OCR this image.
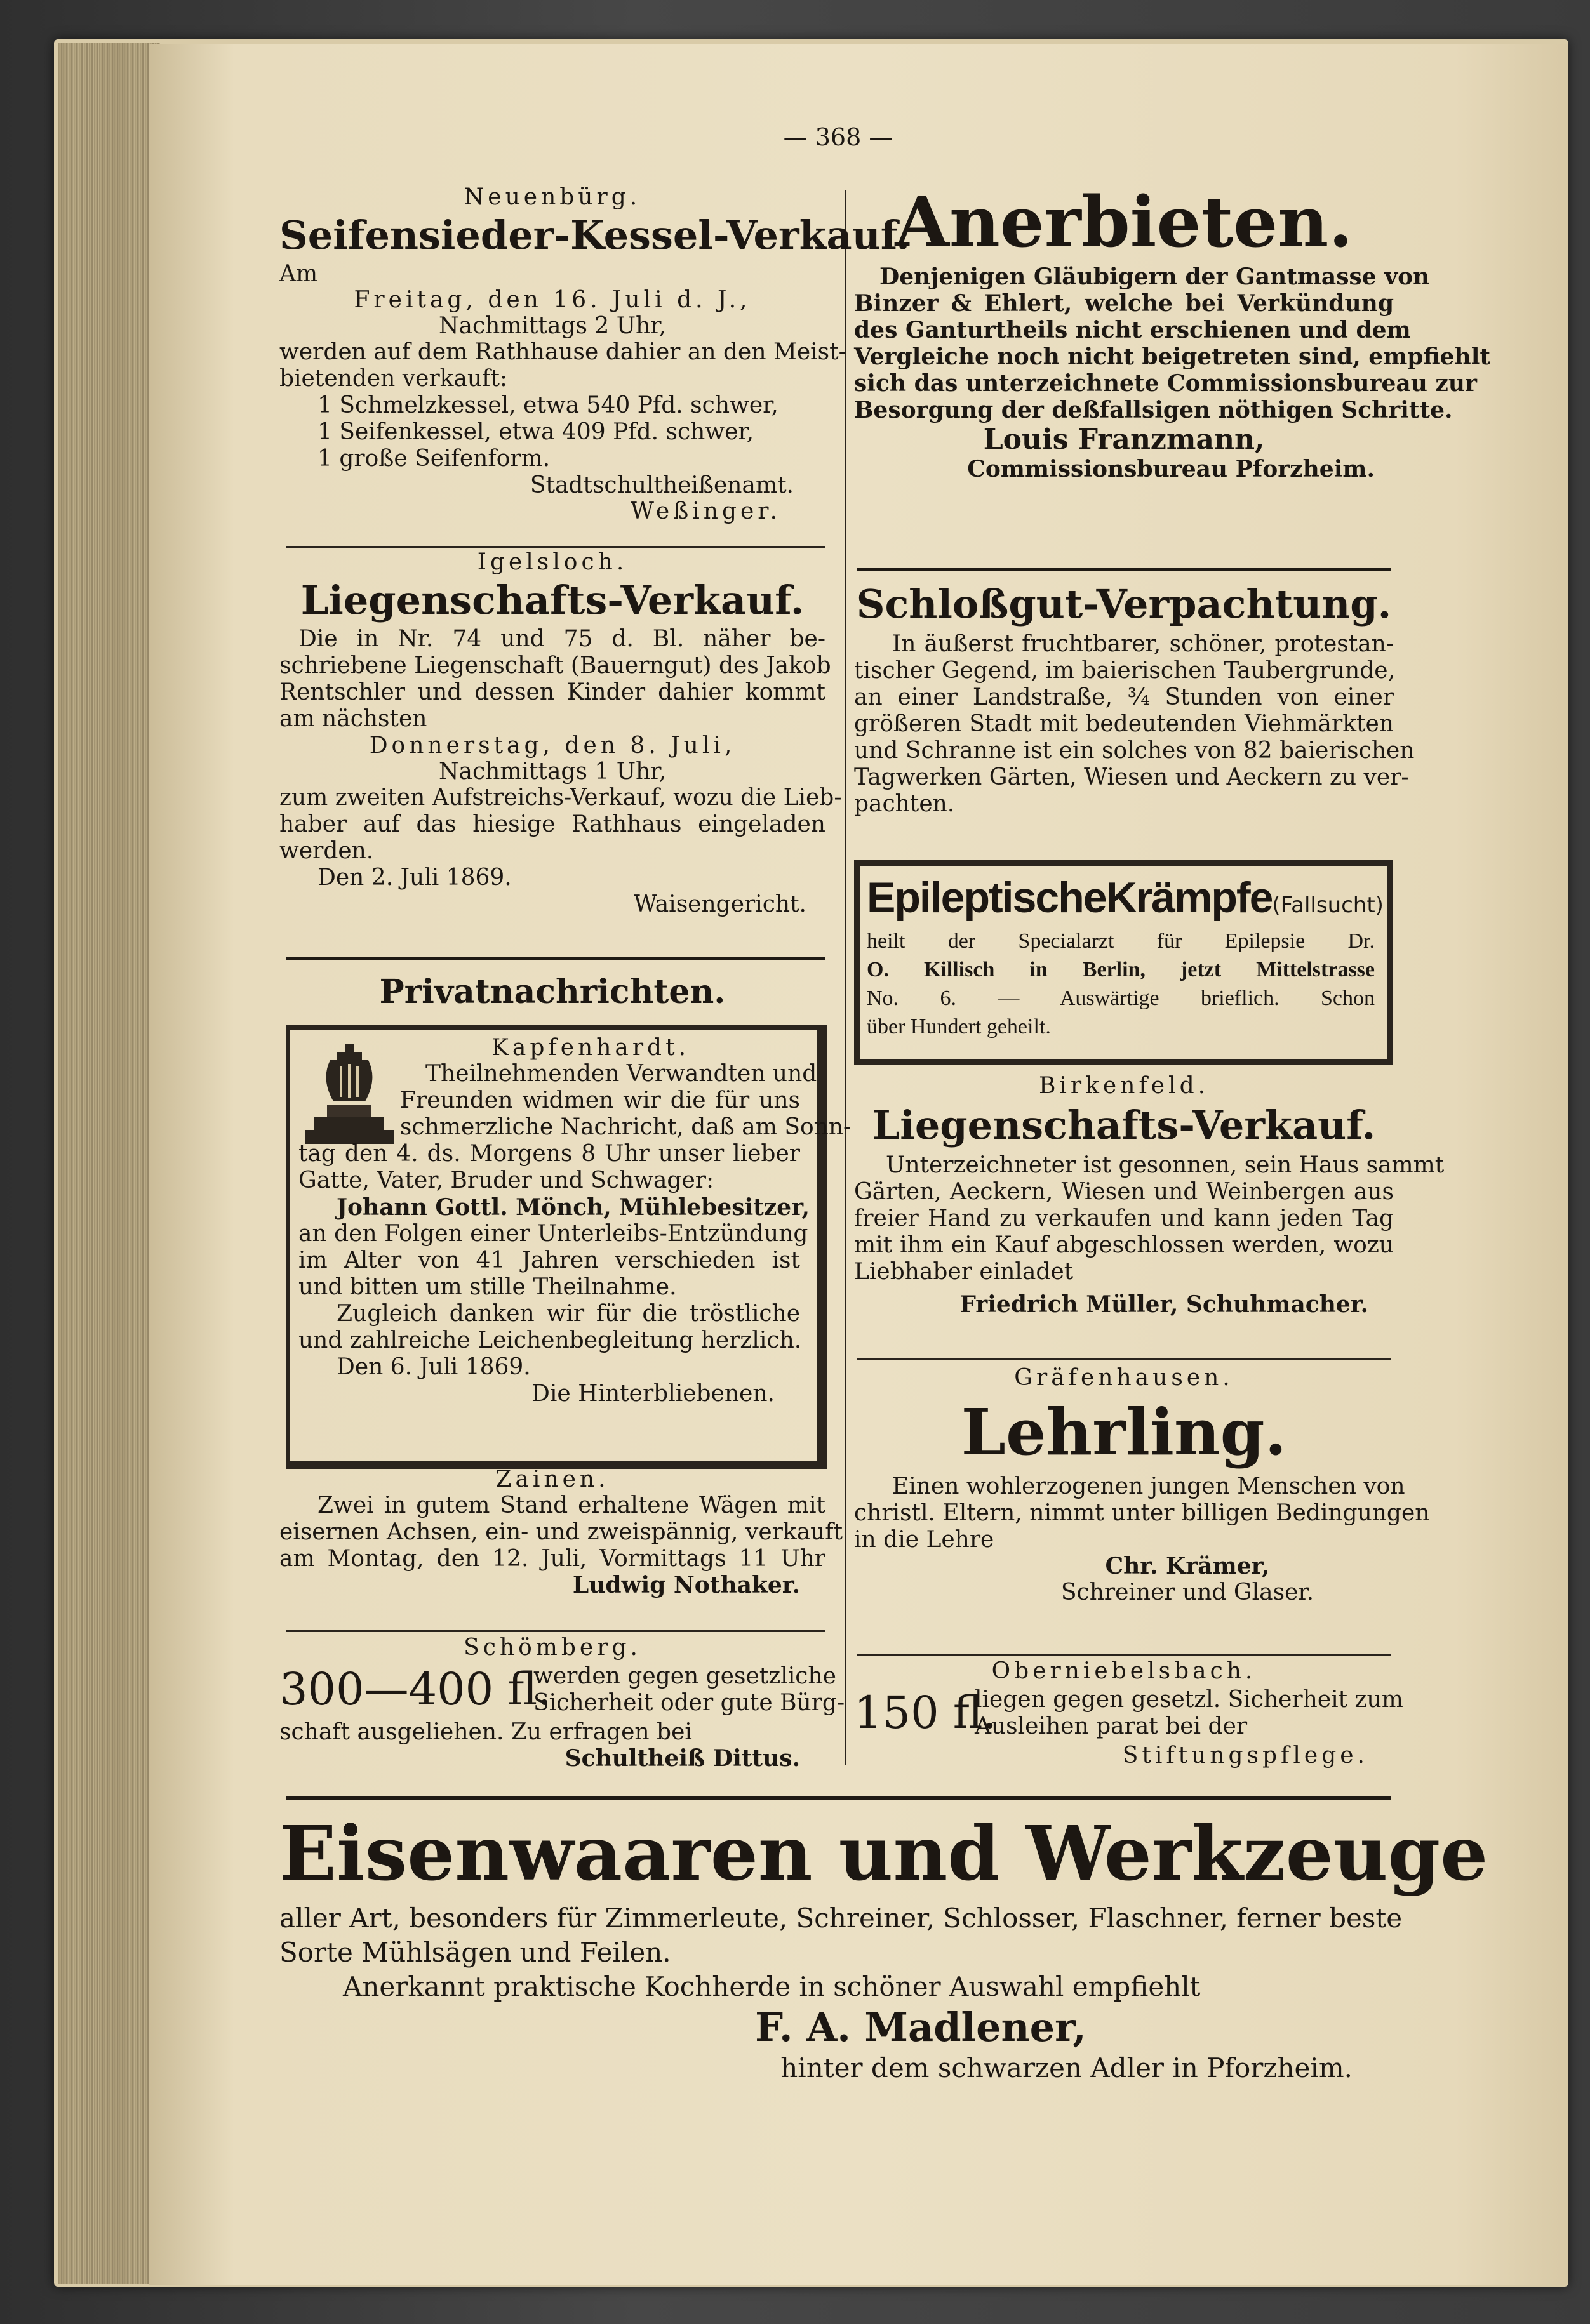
— 368 —

Neuenbürg.

Seifensieder-Kessel-Verkauf.

Am

Freitag, den 16. Juli d. J.,

Nachmittags 2 Uhr,

werden auf dem Rathhause dahier an den Meist-

bietenden verkauft:

1 Schmelzkessel, etwa 540 Pfd. schwer,

1 Seifenkessel, etwa 409 Pfd. schwer,

1 große Seifenform.

Stadtschultheißenamt.

Weßinger.

Igelsloch.

Liegenschafts-Verkauf.

Die in Nr. 74 und 75 d. Bl. näher be-

schriebene Liegenschaft (Bauerngut) des Jakob

Rentschler und dessen Kinder dahier kommt

am nächsten

Donnerstag, den 8. Juli,

Nachmittags 1 Uhr,

zum zweiten Aufstreichs-Verkauf, wozu die Lieb-

haber auf das hiesige Rathhaus eingeladen

werden.

Den 2. Juli 1869.

Waisengericht.

Privatnachrichten.

Kapfenhardt.

Theilnehmenden Verwandten und

Freunden widmen wir die für uns

schmerzliche Nachricht, daß am Sonn-

tag den 4. ds. Morgens 8 Uhr unser lieber

Gatte, Vater, Bruder und Schwager:

Johann Gottl. Mönch, Mühlebesitzer,

an den Folgen einer Unterleibs-Entzündung

im Alter von 41 Jahren verschieden ist

und bitten um stille Theilnahme.

Zugleich danken wir für die tröstliche

und zahlreiche Leichenbegleitung herzlich.

Den 6. Juli 1869.

Die Hinterbliebenen.

Zainen.

Zwei in gutem Stand erhaltene Wägen mit

eisernen Achsen, ein- und zweispännig, verkauft

am Montag, den 12. Juli, Vormittags 11 Uhr

Ludwig Nothaker.

Schömberg.

300—400 fl.

werden gegen gesetzliche

Sicherheit oder gute Bürg-

schaft ausgeliehen. Zu erfragen bei

Schultheiß Dittus.

Anerbieten.

Denjenigen Gläubigern der Gantmasse von

Binzer & Ehlert, welche bei Verkündung

des Ganturtheils nicht erschienen und dem

Vergleiche noch nicht beigetreten sind, empfiehlt

sich das unterzeichnete Commissionsbureau zur

Besorgung der deßfallsigen nöthigen Schritte.

Louis Franzmann,

Commissionsbureau Pforzheim.

Schloßgut-Verpachtung.

In äußerst fruchtbarer, schöner, protestan-

tischer Gegend, im baierischen Taubergrunde,

an einer Landstraße, ¾ Stunden von einer

größeren Stadt mit bedeutenden Viehmärkten

und Schranne ist ein solches von 82 baierischen

Tagwerken Gärten, Wiesen und Aeckern zu ver-

pachten.

EpileptischeKrämpfe(Fallsucht)

heilt der Specialarzt für Epilepsie Dr.

O. Killisch in Berlin, jetzt Mittelstrasse

No. 6. — Auswärtige brieflich. Schon

über Hundert geheilt.

Birkenfeld.

Liegenschafts-Verkauf.

Unterzeichneter ist gesonnen, sein Haus sammt

Gärten, Aeckern, Wiesen und Weinbergen aus

freier Hand zu verkaufen und kann jeden Tag

mit ihm ein Kauf abgeschlossen werden, wozu

Liebhaber einladet

Friedrich Müller, Schuhmacher.

Gräfenhausen.

Lehrling.

Einen wohlerzogenen jungen Menschen von

christl. Eltern, nimmt unter billigen Bedingungen

in die Lehre

Chr. Krämer,

Schreiner und Glaser.

Oberniebelsbach.

150 fl.

liegen gegen gesetzl. Sicherheit zum

Ausleihen parat bei der

Stiftungspflege.

Eisenwaaren und Werkzeuge

aller Art, besonders für Zimmerleute, Schreiner, Schlosser, Flaschner, ferner beste

Sorte Mühlsägen und Feilen.

Anerkannt praktische Kochherde in schöner Auswahl empfiehlt

F. A. Madlener,

hinter dem schwarzen Adler in Pforzheim.
